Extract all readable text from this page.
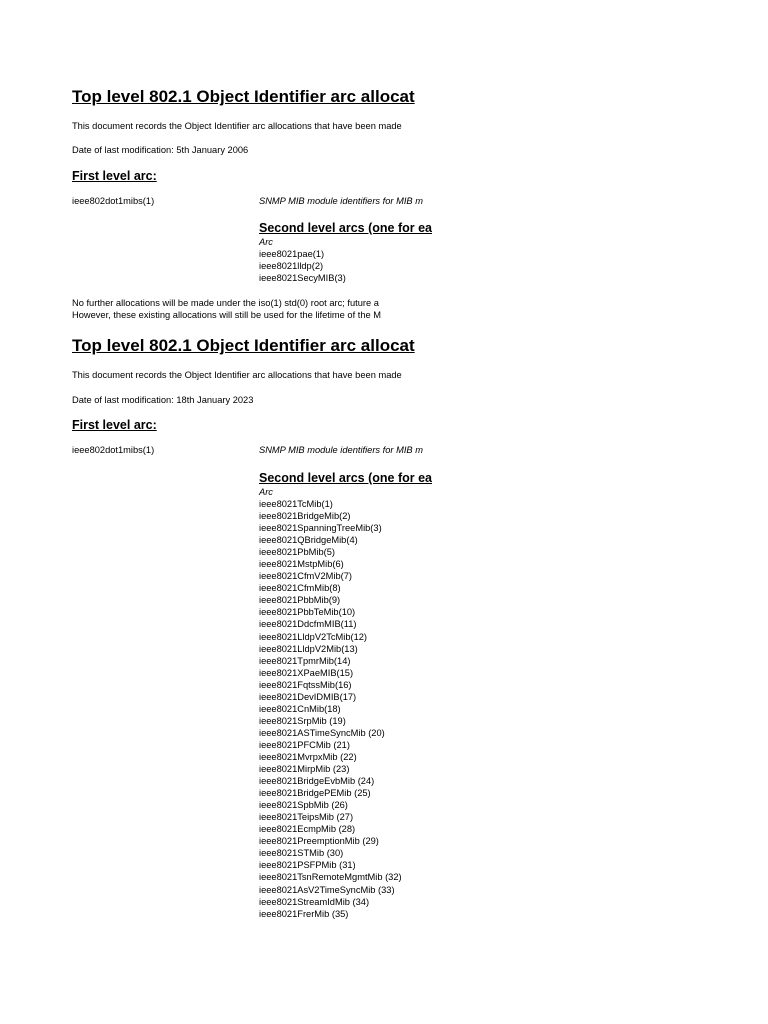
Top level 802.1 Object Identifier arc allocat

This document records the Object Identifier arc allocations that have been made

Date of last modification: 5th January 2006

First level arc:

ieee802dot1mibs(1)	SNMP MIB module identifiers for MIB m

Second level arcs (one for ea

Arc
ieee8021pae(1)
ieee8021lldp(2)
ieee8021SecyMIB(3)

No further allocations will be made under the iso(1) std(0) root arc; future a

However, these existing allocations will still be used for the lifetime of the M

Top level 802.1 Object Identifier arc allocat

This document records the Object Identifier arc allocations that have been made

Date of last modification: 18th January 2023

First level arc:

ieee802dot1mibs(1)	SNMP MIB module identifiers for MIB m

Second level arcs (one for ea

Arc
ieee8021TcMib(1)
ieee8021BridgeMib(2)
ieee8021SpanningTreeMib(3)
ieee8021QBridgeMib(4)
ieee8021PbMib(5)
ieee8021MstpMib(6)
ieee8021CfmV2Mib(7)
ieee8021CfmMib(8)
ieee8021PbbMib(9)
ieee8021PbbTeMib(10)
ieee8021DdcfmMIB(11)
ieee8021LldpV2TcMib(12)
ieee8021LldpV2Mib(13)
ieee8021TpmrMib(14)
ieee8021XPaeMIB(15)
ieee8021FqtssMib(16)
ieee8021DevIDMIB(17)
ieee8021CnMib(18)
ieee8021SrpMib (19)
ieee8021ASTimeSyncMib (20)
ieee8021PFCMib (21)
ieee8021MvrpxMib (22)
ieee8021MirpMib (23)
ieee8021BridgeEvbMib (24)
ieee8021BridgePEMib (25)
ieee8021SpbMib (26)
ieee8021TeipsMib (27)
ieee8021EcmpMib (28)
ieee8021PreemptionMib (29)
ieee8021STMib (30)
ieee8021PSFPMib (31)
ieee8021TsnRemoteMgmtMib (32)
ieee8021AsV2TimeSyncMib (33)
ieee8021StreamIdMib (34)
ieee8021FrerMib (35)
